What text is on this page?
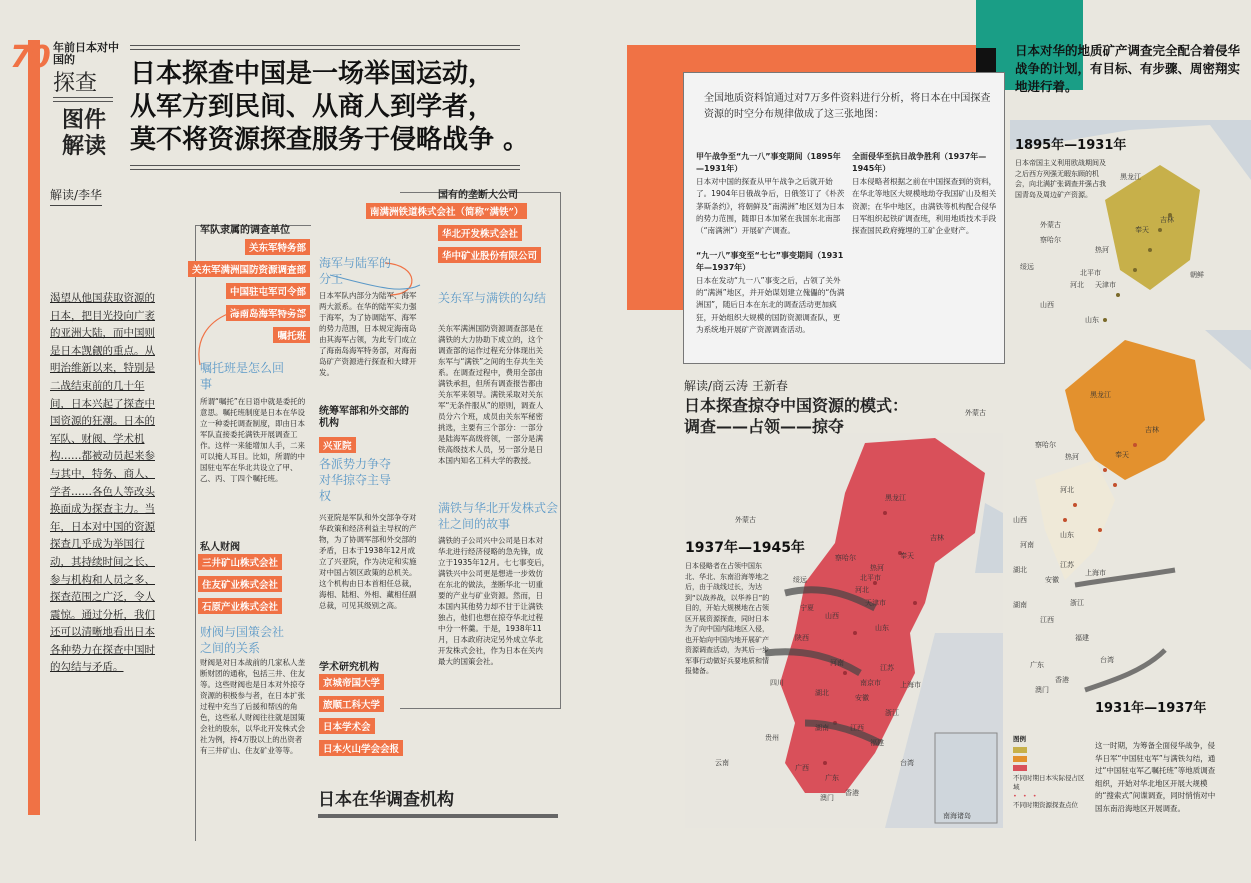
70 年前日本对中国的
探查
图件解读
日本探查中国是一场举国运动，
从军方到民间、从商人到学者，
莫不将资源探查服务于侵略战争 。
解读/李华
渴望从他国获取资源的日本，把目光投向广袤的亚洲大陆，而中国则是日本觊觎的重点。从明治维新以来，特别是二战结束前的几十年间，日本兴起了探查中国资源的狂潮。日本的军队、财阀、学术机构……都被动员起来参与其中，特务、商人、学者……各色人等改头换面成为探查主力。当年，日本对中国的资源探查几乎成为举国行动，其持续时间之长、参与机构和人员之多、探查范围之广泛，令人震惊。通过分析，我们还可以清晰地看出日本各种势力在探查中国时的勾结与矛盾。
军队隶属的调查单位
关东军特务部
关东军满洲国防资源调查部
中国驻屯军司令部
海南岛海军特务部
嘱托班
国有的垄断大公司
南满洲铁道株式会社（简称“满铁”）
华北开发株式会社
华中矿业股份有限公司
海军与陆军的分工
日本军队内部分为陆军、海军两大派系。在华的陆军实力强于海军，为了协调陆军、海军的势力范围，日本规定海南岛由其海军占领，为此专门成立了海南岛海军特务部，对海南岛矿产资源进行探查和大肆开发。
关东军与满铁的勾结
关东军满洲国防资源调查部是在满铁的大力协助下成立的，这个调查部的运作过程充分体现出关东军与“满铁”之间的生存共生关系。在调查过程中，费用全部由满铁承担，但所有调查报告都由关东军来领导。满铁采取对关东军“无条件服从”的原则，调查人员分六个班，成员由关东军秘密挑选，主要有三个部分：一部分是陆海军高级将领，一部分是满铁高级技术人员，另一部分是日本国内知名工科大学的教授。
嘱托班是怎么回事
所谓“嘱托”在日语中就是委托的意思。嘱托班制度是日本在华设立一种委托调查制度，即由日本军队直接委托满铁开展调查工作。这样一来能增加人手，二来可以掩人耳目。比如，所谓的中国驻屯军在华北共设立了甲、乙、丙、丁四个嘱托班。
统筹军部和外交部的机构
兴亚院
各派势力争夺对华掠夺主导权
兴亚院是军队和外交部争夺对华政策和经济利益主导权的产物，为了协调军部和外交部的矛盾，日本于1938年12月成立了兴亚院，作为决定和实施对中国占领区政策的总机关。这个机构由日本首相任总裁，海相、陆相、外相、藏相任副总裁，可见其级别之高。
满铁与华北开发株式会社之间的故事
满铁的子公司兴中公司是日本对华北进行经济侵略的急先锋，成立于1935年12月。七七事变后，满铁兴中公司更是想进一步效仿在东北的做法，垄断华北一切重要的产业与矿业资源。然而，日本国内其他势力却不甘于让满铁独占，他们也想在掠夺华北过程中分一杯羹。于是，1938年11月，日本政府决定另外成立华北开发株式会社，作为日本在关内最大的国策会社。
私人财阀
三井矿山株式会社
住友矿业株式会社
石原产业株式会社
财阀与国策会社之间的关系
财阀是对日本战前的几家私人垄断财团的通称，包括三井、住友等。这些财阀也是日本对外掠夺资源的积极参与者，在日本扩张过程中充当了后援和帮凶的角色，这些私人财阀往往就是国策会社的股东，以华北开发株式会社为例，持4万股以上的出资者有三井矿山、住友矿业等等。
学术研究机构
京城帝国大学
旅顺工科大学
日本学术会
日本火山学会会报
日本在华调查机构
日本对华的地质矿产调查完全配合着侵华战争的计划，有目标、有步骤、周密翔实地进行着。
全国地质资料馆通过对7万多件资料进行分析，将日本在中国探查资源的时空分布规律做成了这三张地图：
甲午战争至“九一八”事变期间（1895年—1931年）
日本对中国的探查从甲午战争之后就开始了。1904年日俄战争后，日俄签订了《朴茨茅斯条约》，将朝鲜及“南满洲”地区划为日本的势力范围，随即日本加紧在我国东北南部（“南满洲”）开展矿产调查。
“九一八”事变至“七七”事变期间（1931年—1937年）
日本在发动“九一八”事变之后，占领了关外的“满洲”地区，并开始谋划建立傀儡的“伪满洲国”，随后日本在东北的调查活动更加疯狂，开始组织大规模的国防资源调查队，更为系统地开展矿产资源调查活动。
全面侵华至抗日战争胜利（1937年—1945年）
日本侵略者根据之前在中国探查到的资料，在华北等地区大规模地劫夺我国矿山及相关资源；在华中地区，由满铁等机构配合侵华日军组织起铁矿调查班，利用地质技术手段探查国民政府掩埋的工矿企业财产。
1895年—1931年
日本帝国主义利用欧战期间及之后西方列强无暇东顾的机会，向北满扩张调查并强占我国青岛及周边矿产资源。
黑龙江
吉林
奉天
察哈尔
热河
绥远
河北
北平市
天津市
山西
山东
外蒙古
朝鲜
黑龙江
吉林
奉天
察哈尔
热河
河北
山东
江苏
上海市
浙江
江西
福建
广东
台湾
香港
澳门
安徽
湖北
湖南
河南
山西
外蒙古
1931年—1937年
1937年—1945年
日本侵略者在占领中国东北、华北、东南沿海等地之后，由于战线过长，为达到“以战养战，以华养日”的目的，开始大规模地在占领区开展资源探查，同时日本为了向中国内陆地区入侵，也开始向中国内地开展矿产资源调查活动，为其后一步军事行动做好兵要地质和情报储备。
外蒙古
黑龙江
吉林
绥远
察哈尔
热河
奉天
宁夏
河北
北平市
天津市
山西
山东
陕西
河南
江苏
南京市	上海市
安徽
湖北
浙江
四川
湖南	江西
福建
贵州
台湾
广西
广东
云南
香港
澳门
南海诸岛
解读/商云涛 王新春
日本探查掠夺中国资源的模式：
调查——占领——掠夺
图例
不同时期日本实际侵占区域
• • •
不同时期资源探查点位
这一时期，为筹备全面侵华战争，侵华日军“中国驻屯军”与满铁勾结，通过“中国驻屯军乙嘱托班”等地质调查组织，开始对华北地区开展大规模的“搜索式”间谍调查，同时悄悄对中国东南沿海地区开展调查。
